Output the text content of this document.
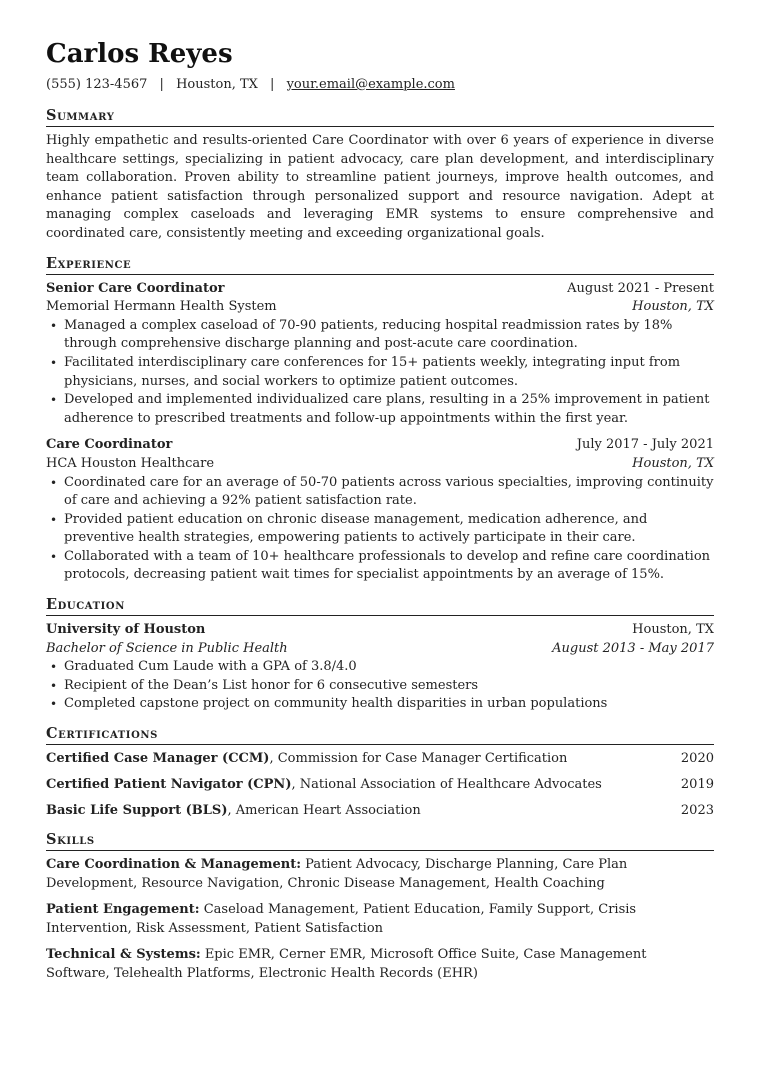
Carlos Reyes
(555) 123-4567 | Houston, TX | your.email@example.com
Summary

Highly empathetic and results-oriented Care Coordinator with over 6 years of experience in diverse healthcare settings, specializing in patient advocacy, care plan development, and interdisciplinary team collaboration. Proven ability to streamline patient journeys, improve health outcomes, and enhance patient satisfaction through personalized support and resource navigation. Adept at managing complex caseloads and leveraging EMR systems to ensure comprehensive and coordinated care, consistently meeting and exceeding organizational goals.

Experience
Senior Care Coordinator	August 2021 - Present
Memorial Hermann Health System	Houston, TX
• Managed a complex caseload of 70-90 patients, reducing hospital readmission rates by 18% through comprehensive discharge planning and post-acute care coordination.
• Facilitated interdisciplinary care conferences for 15+ patients weekly, integrating input from physicians, nurses, and social workers to optimize patient outcomes.
• Developed and implemented individualized care plans, resulting in a 25% improvement in patient adherence to prescribed treatments and follow-up appointments within the first year.
Care Coordinator	July 2017 - July 2021
HCA Houston Healthcare	Houston, TX
• Coordinated care for an average of 50-70 patients across various specialties, improving continuity of care and achieving a 92% patient satisfaction rate.
• Provided patient education on chronic disease management, medication adherence, and preventive health strategies, empowering patients to actively participate in their care.
• Collaborated with a team of 10+ healthcare professionals to develop and refine care coordination protocols, decreasing patient wait times for specialist appointments by an average of 15%.
Education
University of Houston	Houston, TX
Bachelor of Science in Public Health	August 2013 - May 2017
• Graduated Cum Laude with a GPA of 3.8/4.0
• Recipient of the Dean’s List honor for 6 consecutive semesters
• Completed capstone project on community health disparities in urban populations
Certifications
Certified Case Manager (CCM), Commission for Case Manager Certification	2020
Certified Patient Navigator (CPN), National Association of Healthcare Advocates	2019
Basic Life Support (BLS), American Heart Association	2023
Skills
Care Coordination & Management: Patient Advocacy, Discharge Planning, Care Plan Development, Resource Navigation, Chronic Disease Management, Health Coaching
Patient Engagement: Caseload Management, Patient Education, Family Support, Crisis Intervention, Risk Assessment, Patient Satisfaction
Technical & Systems: Epic EMR, Cerner EMR, Microsoft Office Suite, Case Management Software, Telehealth Platforms, Electronic Health Records (EHR)
